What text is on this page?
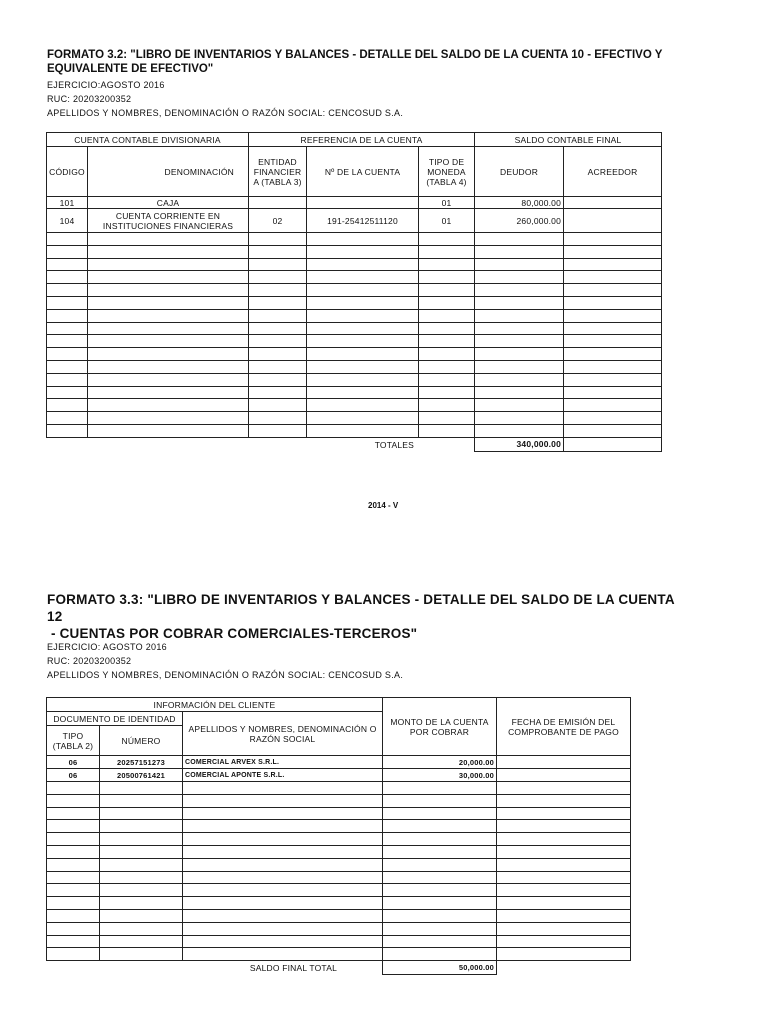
FORMATO 3.2: "LIBRO DE INVENTARIOS Y BALANCES - DETALLE DEL SALDO DE LA CUENTA 10 - EFECTIVO Y EQUIVALENTE DE EFECTIVO"
EJERCICIO:AGOSTO 2016
RUC: 20203200352
APELLIDOS Y NOMBRES, DENOMINACIÓN O RAZÓN SOCIAL: CENCOSUD S.A.
CUENTA CONTABLE DIVISIONARIA		REFERENCIA DE LA CUENTA			SALDO CONTABLE FINAL	
CÓDIGO	DENOMINACIÓN	ENTIDAD FINANCIER A (TABLA 3)	Nº DE LA CUENTA	TIPO DE MONEDA (TABLA 4)	DEUDOR	ACREEDOR
101	CAJA			01	80,000.00	
104	CUENTA CORRIENTE EN INSTITUCIONES FINANCIERAS	02	191-25412511120	01	260,000.00	

TOTALES					340,000.00	
2014 - V
FORMATO 3.3: "LIBRO DE INVENTARIOS Y BALANCES - DETALLE DEL SALDO DE LA CUENTA 12
- CUENTAS POR COBRAR COMERCIALES-TERCEROS"
EJERCICIO: AGOSTO 2016
RUC: 20203200352
APELLIDOS Y NOMBRES, DENOMINACIÓN O RAZÓN SOCIAL: CENCOSUD S.A.
INFORMACIÓN DEL CLIENTE			MONTO DE LA CUENTA POR COBRAR	FECHA DE EMISIÓN DEL COMPROBANTE DE PAGO
DOCUMENTO DE IDENTIDAD		APELLIDOS Y NOMBRES, DENOMINACIÓN O RAZÓN SOCIAL		
TIPO (TABLA 2)	NÚMERO			
06	20257151273	COMERCIAL ARVEX S.R.L.	20,000.00	
06	20500761421	COMERCIAL APONTE S.R.L.	30,000.00	

SALDO FINAL TOTAL			50,000.00	
